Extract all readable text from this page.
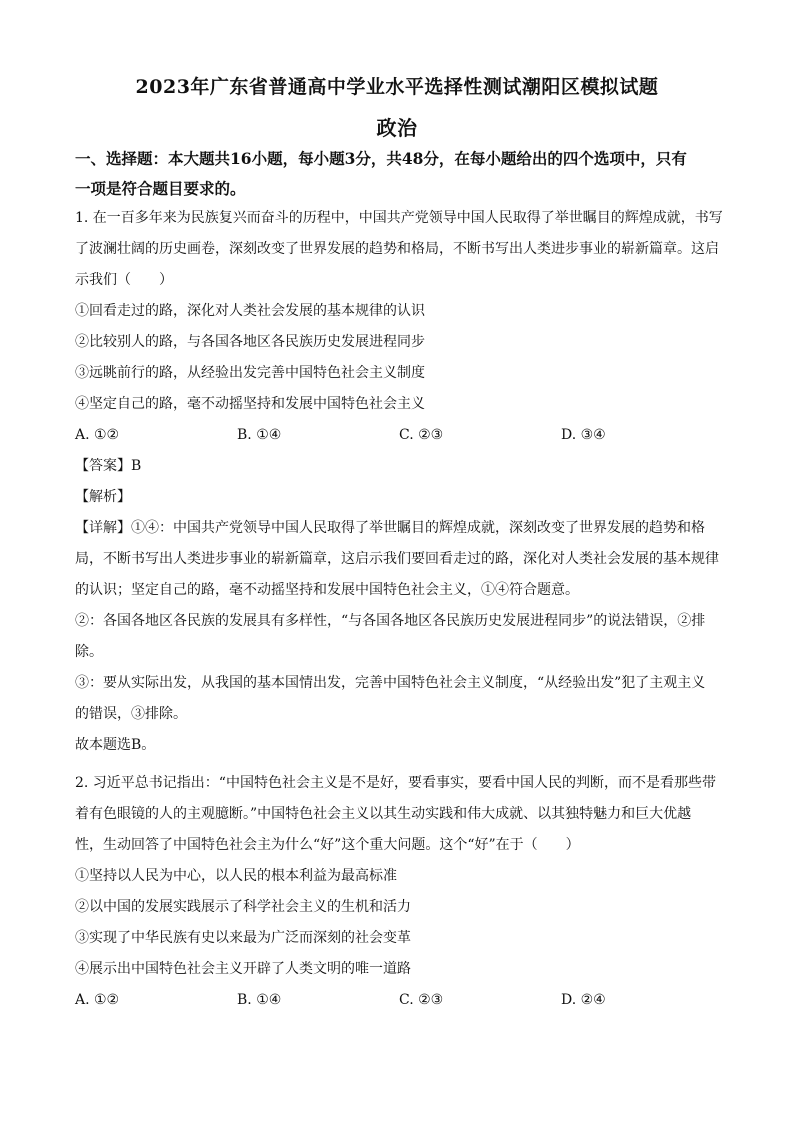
2023年广东省普通高中学业水平选择性测试潮阳区模拟试题
政治
一、选择题：本大题共16小题，每小题3分，共48分，在每小题给出的四个选项中，只有
一项是符合题目要求的。
1. 在一百多年来为民族复兴而奋斗的历程中，中国共产党领导中国人民取得了举世瞩目的辉煌成就，书写
了波澜壮阔的历史画卷，深刻改变了世界发展的趋势和格局，不断书写出人类进步事业的崭新篇章。这启
示我们（　　）
①回看走过的路，深化对人类社会发展的基本规律的认识
②比较别人的路，与各国各地区各民族历史发展进程同步
③远眺前行的路，从经验出发完善中国特色社会主义制度
④坚定自己的路，毫不动摇坚持和发展中国特色社会主义
A. ①②	B. ①④	C. ②③	D. ③④
【答案】B
【解析】
【详解】①④：中国共产党领导中国人民取得了举世瞩目的辉煌成就，深刻改变了世界发展的趋势和格
局，不断书写出人类进步事业的崭新篇章，这启示我们要回看走过的路，深化对人类社会发展的基本规律
的认识；坚定自己的路，毫不动摇坚持和发展中国特色社会主义，①④符合题意。
②：各国各地区各民族的发展具有多样性，“与各国各地区各民族历史发展进程同步”的说法错误，②排
除。
③：要从实际出发，从我国的基本国情出发，完善中国特色社会主义制度，“从经验出发”犯了主观主义
的错误，③排除。
故本题选B。
2. 习近平总书记指出：“中国特色社会主义是不是好，要看事实，要看中国人民的判断，而不是看那些带
着有色眼镜的人的主观臆断。”中国特色社会主义以其生动实践和伟大成就、以其独特魅力和巨大优越
性，生动回答了中国特色社会主为什么“好”这个重大问题。这个“好”在于（　　）
①坚持以人民为中心，以人民的根本利益为最高标准
②以中国的发展实践展示了科学社会主义的生机和活力
③实现了中华民族有史以来最为广泛而深刻的社会变革
④展示出中国特色社会主义开辟了人类文明的唯一道路
A. ①②	B. ①④	C. ②③	D. ②④
